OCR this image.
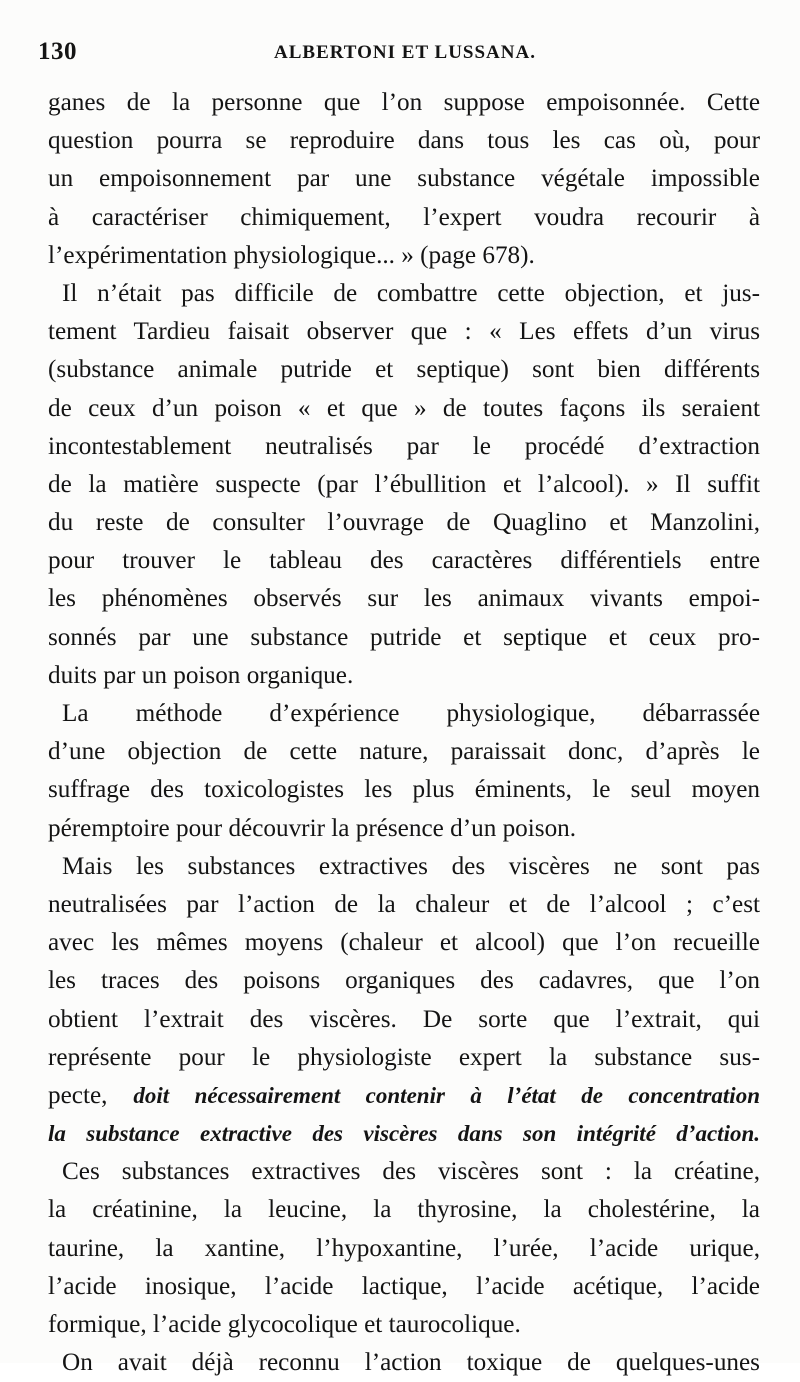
130	ALBERTONI ET LUSSANA.
ganes de la personne que l’on suppose empoisonnée. Cette
question pourra se reproduire dans tous les cas où, pour
un empoisonnement par une substance végétale impossible
à caractériser chimiquement, l’expert voudra recourir à
l’expérimentation physiologique... » (page 678).
Il n’était pas difficile de combattre cette objection, et jus-
tement Tardieu faisait observer que : « Les effets d’un virus
(substance animale putride et septique) sont bien différents
de ceux d’un poison « et que » de toutes façons ils seraient
incontestablement neutralisés par le procédé d’extraction
de la matière suspecte (par l’ébullition et l’alcool). » Il suffit
du reste de consulter l’ouvrage de Quaglino et Manzolini,
pour trouver le tableau des caractères différentiels entre
les phénomènes observés sur les animaux vivants empoi-
sonnés par une substance putride et septique et ceux pro-
duits par un poison organique.
La méthode d’expérience physiologique, débarrassée
d’une objection de cette nature, paraissait donc, d’après le
suffrage des toxicologistes les plus éminents, le seul moyen
péremptoire pour découvrir la présence d’un poison.
Mais les substances extractives des viscères ne sont pas
neutralisées par l’action de la chaleur et de l’alcool ; c’est
avec les mêmes moyens (chaleur et alcool) que l’on recueille
les traces des poisons organiques des cadavres, que l’on
obtient l’extrait des viscères. De sorte que l’extrait, qui
représente pour le physiologiste expert la substance sus-
pecte, doit nécessairement contenir à l’état de concentration
la substance extractive des viscères dans son intégrité d’action.
Ces substances extractives des viscères sont : la créatine,
la créatinine, la leucine, la thyrosine, la cholestérine, la
taurine, la xantine, l’hypoxantine, l’urée, l’acide urique,
l’acide inosique, l’acide lactique, l’acide acétique, l’acide
formique, l’acide glycocolique et taurocolique.
On avait déjà reconnu l’action toxique de quelques-unes
